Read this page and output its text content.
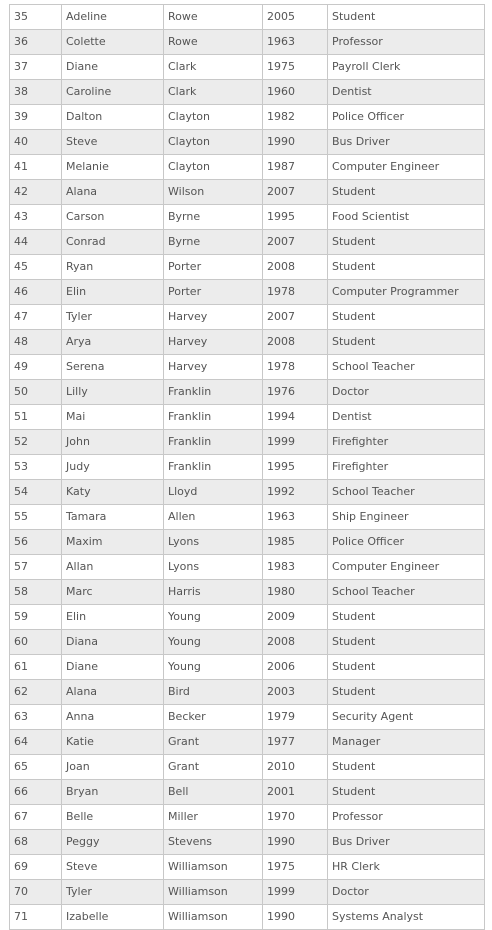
35	Adeline	Rowe	2005	Student
36	Colette	Rowe	1963	Professor
37	Diane	Clark	1975	Payroll Clerk
38	Caroline	Clark	1960	Dentist
39	Dalton	Clayton	1982	Police Officer
40	Steve	Clayton	1990	Bus Driver
41	Melanie	Clayton	1987	Computer Engineer
42	Alana	Wilson	2007	Student
43	Carson	Byrne	1995	Food Scientist
44	Conrad	Byrne	2007	Student
45	Ryan	Porter	2008	Student
46	Elin	Porter	1978	Computer Programmer
47	Tyler	Harvey	2007	Student
48	Arya	Harvey	2008	Student
49	Serena	Harvey	1978	School Teacher
50	Lilly	Franklin	1976	Doctor
51	Mai	Franklin	1994	Dentist
52	John	Franklin	1999	Firefighter
53	Judy	Franklin	1995	Firefighter
54	Katy	Lloyd	1992	School Teacher
55	Tamara	Allen	1963	Ship Engineer
56	Maxim	Lyons	1985	Police Officer
57	Allan	Lyons	1983	Computer Engineer
58	Marc	Harris	1980	School Teacher
59	Elin	Young	2009	Student
60	Diana	Young	2008	Student
61	Diane	Young	2006	Student
62	Alana	Bird	2003	Student
63	Anna	Becker	1979	Security Agent
64	Katie	Grant	1977	Manager
65	Joan	Grant	2010	Student
66	Bryan	Bell	2001	Student
67	Belle	Miller	1970	Professor
68	Peggy	Stevens	1990	Bus Driver
69	Steve	Williamson	1975	HR Clerk
70	Tyler	Williamson	1999	Doctor
71	Izabelle	Williamson	1990	Systems Analyst
